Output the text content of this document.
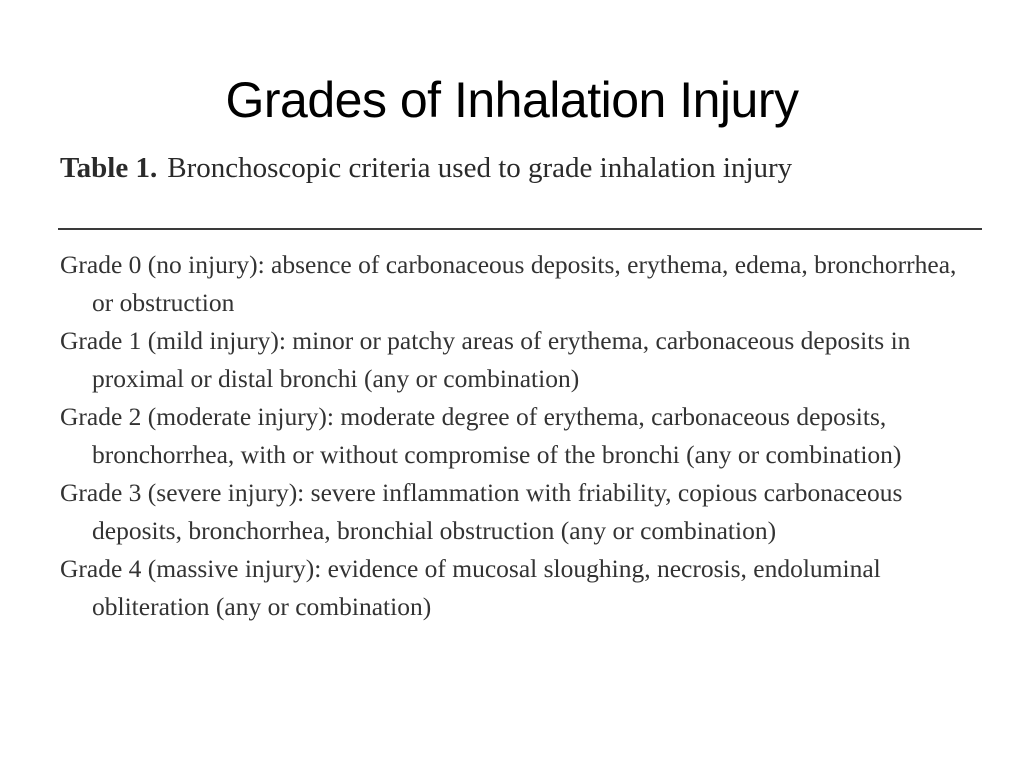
Grades of Inhalation Injury
Table 1. Bronchoscopic criteria used to grade inhalation injury
Grade 0 (no injury): absence of carbonaceous deposits, erythema, edema, bronchorrhea, or obstruction
Grade 1 (mild injury): minor or patchy areas of erythema, carbonaceous deposits in proximal or distal bronchi (any or combination)
Grade 2 (moderate injury): moderate degree of erythema, carbonaceous deposits, bronchorrhea, with or without compromise of the bronchi (any or combination)
Grade 3 (severe injury): severe inflammation with friability, copious carbonaceous deposits, bronchorrhea, bronchial obstruction (any or combination)
Grade 4 (massive injury): evidence of mucosal sloughing, necrosis, endoluminal obliteration (any or combination)
